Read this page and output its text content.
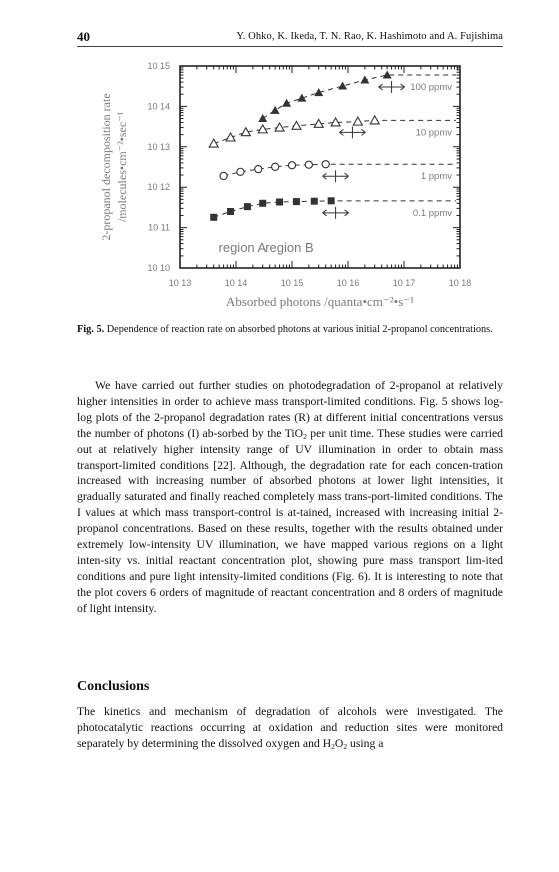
40	Y. Ohko, K. Ikeda, T. N. Rao, K. Hashimoto and A. Fujishima
10 13	10 14	10 15	10 16	10 17	10 18
10 10
10 11
10 12
10 13
10 14
10 15
Absorbed photons /quanta•cm⁻²•s⁻¹
2-propanol decomposition rate /molecules•cm⁻²•sec⁻¹
100 ppmv
10 ppmv
1 ppmv
0.1 ppmv
region A
region B
Fig. 5. Dependence of reaction rate on absorbed photons at various initial 2-propanol concentrations.

We have carried out further studies on photodegradation of 2-propanol at relatively higher intensities in order to achieve mass transport-limited conditions. Fig. 5 shows log-log plots of the 2-propanol degradation rates (R) at different initial concentrations versus the number of photons (I) ab-sorbed by the TiO$_2$ per unit time. These studies were carried out at relatively higher intensity range of UV illumination in order to obtain mass transport-limited conditions [22]. Although, the degradation rate for each concen-tration increased with increasing number of absorbed photons at lower light intensities, it gradually saturated and finally reached completely mass trans-port-limited conditions. The I values at which mass transport-control is at-tained, increased with increasing initial 2-propanol concentrations. Based on these results, together with the results obtained under extremely low-intensity UV illumination, we have mapped various regions on a light inten-sity vs. initial reactant concentration plot, showing pure mass transport lim-ited conditions and pure light intensity-limited conditions (Fig. 6). It is interesting to note that the plot covers 6 orders of magnitude of reactant concentration and 8 orders of magnitude of light intensity.

Conclusions

The kinetics and mechanism of degradation of alcohols were investigated. The photocatalytic reactions occurring at oxidation and reduction sites were monitored separately by determining the dissolved oxygen and $H_2O_2$ using a
